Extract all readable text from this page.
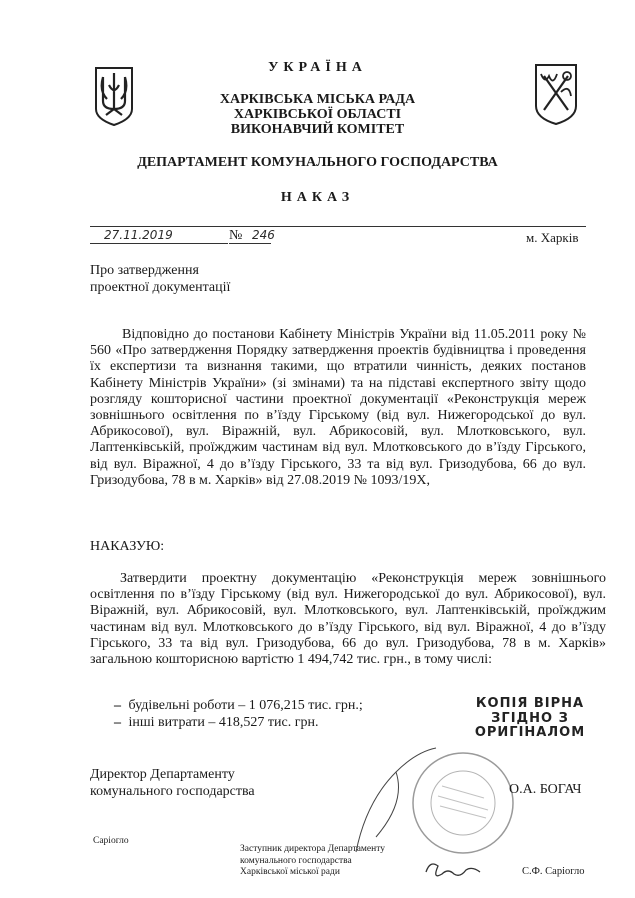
УКРАЇНА
ХАРКІВСЬКА МІСЬКА РАДА
ХАРКІВСЬКОЇ ОБЛАСТІ
ВИКОНАВЧИЙ КОМІТЕТ
ДЕПАРТАМЕНТ КОМУНАЛЬНОГО ГОСПОДАРСТВА
НАКАЗ
27.11.2019	№ 246	м. Харків
Про затвердження
проектної документації
Відповідно до постанови Кабінету Міністрів України від 11.05.2011 року № 560 «Про затвердження Порядку затвердження проектів будівництва і проведення їх експертизи та визнання такими, що втратили чинність, деяких постанов Кабінету Міністрів України» (зі змінами) та на підставі експертного звіту щодо розгляду кошторисної частини проектної документації «Реконструкція мереж зовнішнього освітлення по в’їзду Гірському (від вул. Нижегородської до вул. Абрикосової), вул. Віражній, вул. Абрикосовій, вул. Млотковського, вул. Лаптенківській, проїжджим частинам від вул. Млотковського до в’їзду Гірського, від вул. Віражної, 4 до в’їзду Гірського, 33 та від вул. Гризодубова, 66 до вул. Гризодубова, 78 в м. Харків» від 27.08.2019 № 1093/19Х,
НАКАЗУЮ:
Затвердити проектну документацію «Реконструкція мереж зовнішнього освітлення по в’їзду Гірському (від вул. Нижегородської до вул. Абрикосової), вул. Віражній, вул. Абрикосовій, вул. Млотковського, вул. Лаптенківській, проїжджим частинам від вул. Млотковського до в’їзду Гірського, від вул. Віражної, 4 до в’їзду Гірського, 33 та від вул. Гризодубова, 66 до вул. Гризодубова, 78 в м. Харків» загальною кошторисною вартістю 1 494,742 тис. грн., в тому числі:
– будівельні роботи – 1 076,215 тис. грн.;
– інші витрати – 418,527 тис. грн.
КОПІЯ ВІРНА
ЗГІДНО З
ОРИГІНАЛОМ
Директор Департаменту
комунального господарства	О.А. БОГАЧ
Саріогло
Заступник директора Департаменту
комунального господарства
Харківської міської ради	С.Ф. Саріогло
